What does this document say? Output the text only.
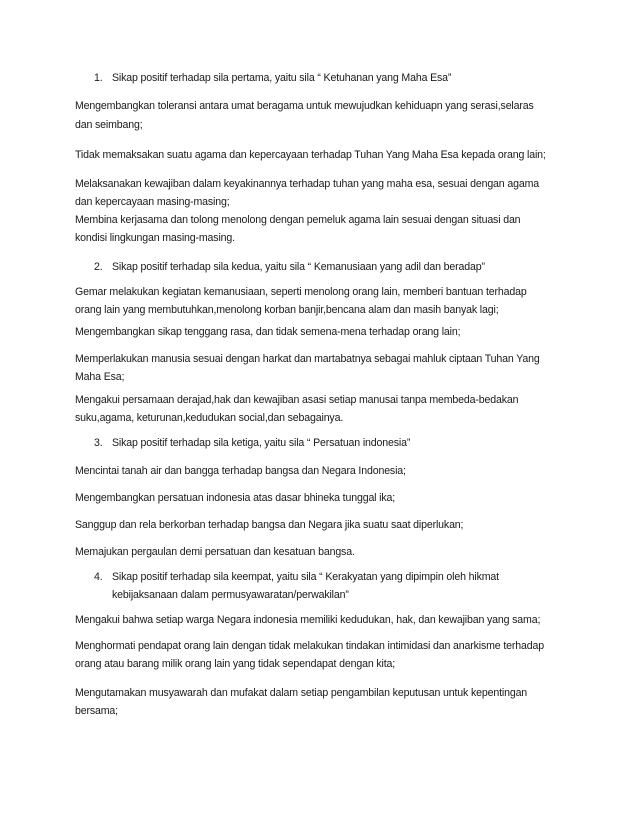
1. Sikap positif terhadap sila pertama, yaitu sila “ Ketuhanan yang Maha Esa”
Mengembangkan toleransi antara umat beragama untuk mewujudkan kehiduapn yang serasi,selaras
dan seimbang;
Tidak memaksakan suatu agama dan kepercayaan terhadap Tuhan Yang Maha Esa kepada orang lain;
Melaksanakan kewajiban dalam keyakinannya terhadap tuhan yang maha esa, sesuai dengan agama
dan kepercayaan masing-masing;
Membina kerjasama dan tolong menolong dengan pemeluk agama lain sesuai dengan situasi dan
kondisi lingkungan masing-masing.
2. Sikap positif terhadap sila kedua, yaitu sila “ Kemanusiaan yang adil dan beradap”
Gemar melakukan kegiatan kemanusiaan, seperti menolong orang lain, memberi bantuan terhadap
orang lain yang membutuhkan,menolong korban banjir,bencana alam dan masih banyak lagi;
Mengembangkan sikap tenggang rasa, dan tidak semena-mena terhadap orang lain;
Memperlakukan manusia sesuai dengan harkat dan martabatnya sebagai mahluk ciptaan Tuhan Yang
Maha Esa;
Mengakui persamaan derajad,hak dan kewajiban asasi setiap manusai tanpa membeda-bedakan
suku,agama, keturunan,kedudukan social,dan sebagainya.
3. Sikap positif terhadap sila ketiga, yaitu sila “ Persatuan indonesia”
Mencintai tanah air dan bangga terhadap bangsa dan Negara Indonesia;
Mengembangkan persatuan indonesia atas dasar bhineka tunggal ika;
Sanggup dan rela berkorban terhadap bangsa dan Negara jika suatu saat diperlukan;
Memajukan pergaulan demi persatuan dan kesatuan bangsa.
4. Sikap positif terhadap sila keempat, yaitu sila “ Kerakyatan yang dipimpin oleh hikmat
kebijaksanaan dalam permusyawaratan/perwakilan”
Mengakui bahwa setiap warga Negara indonesia memiliki kedudukan, hak, dan kewajiban yang sama;
Menghormati pendapat orang lain dengan tidak melakukan tindakan intimidasi dan anarkisme terhadap
orang atau barang milik orang lain yang tidak sependapat dengan kita;
Mengutamakan musyawarah dan mufakat dalam setiap pengambilan keputusan untuk kepentingan
bersama;
